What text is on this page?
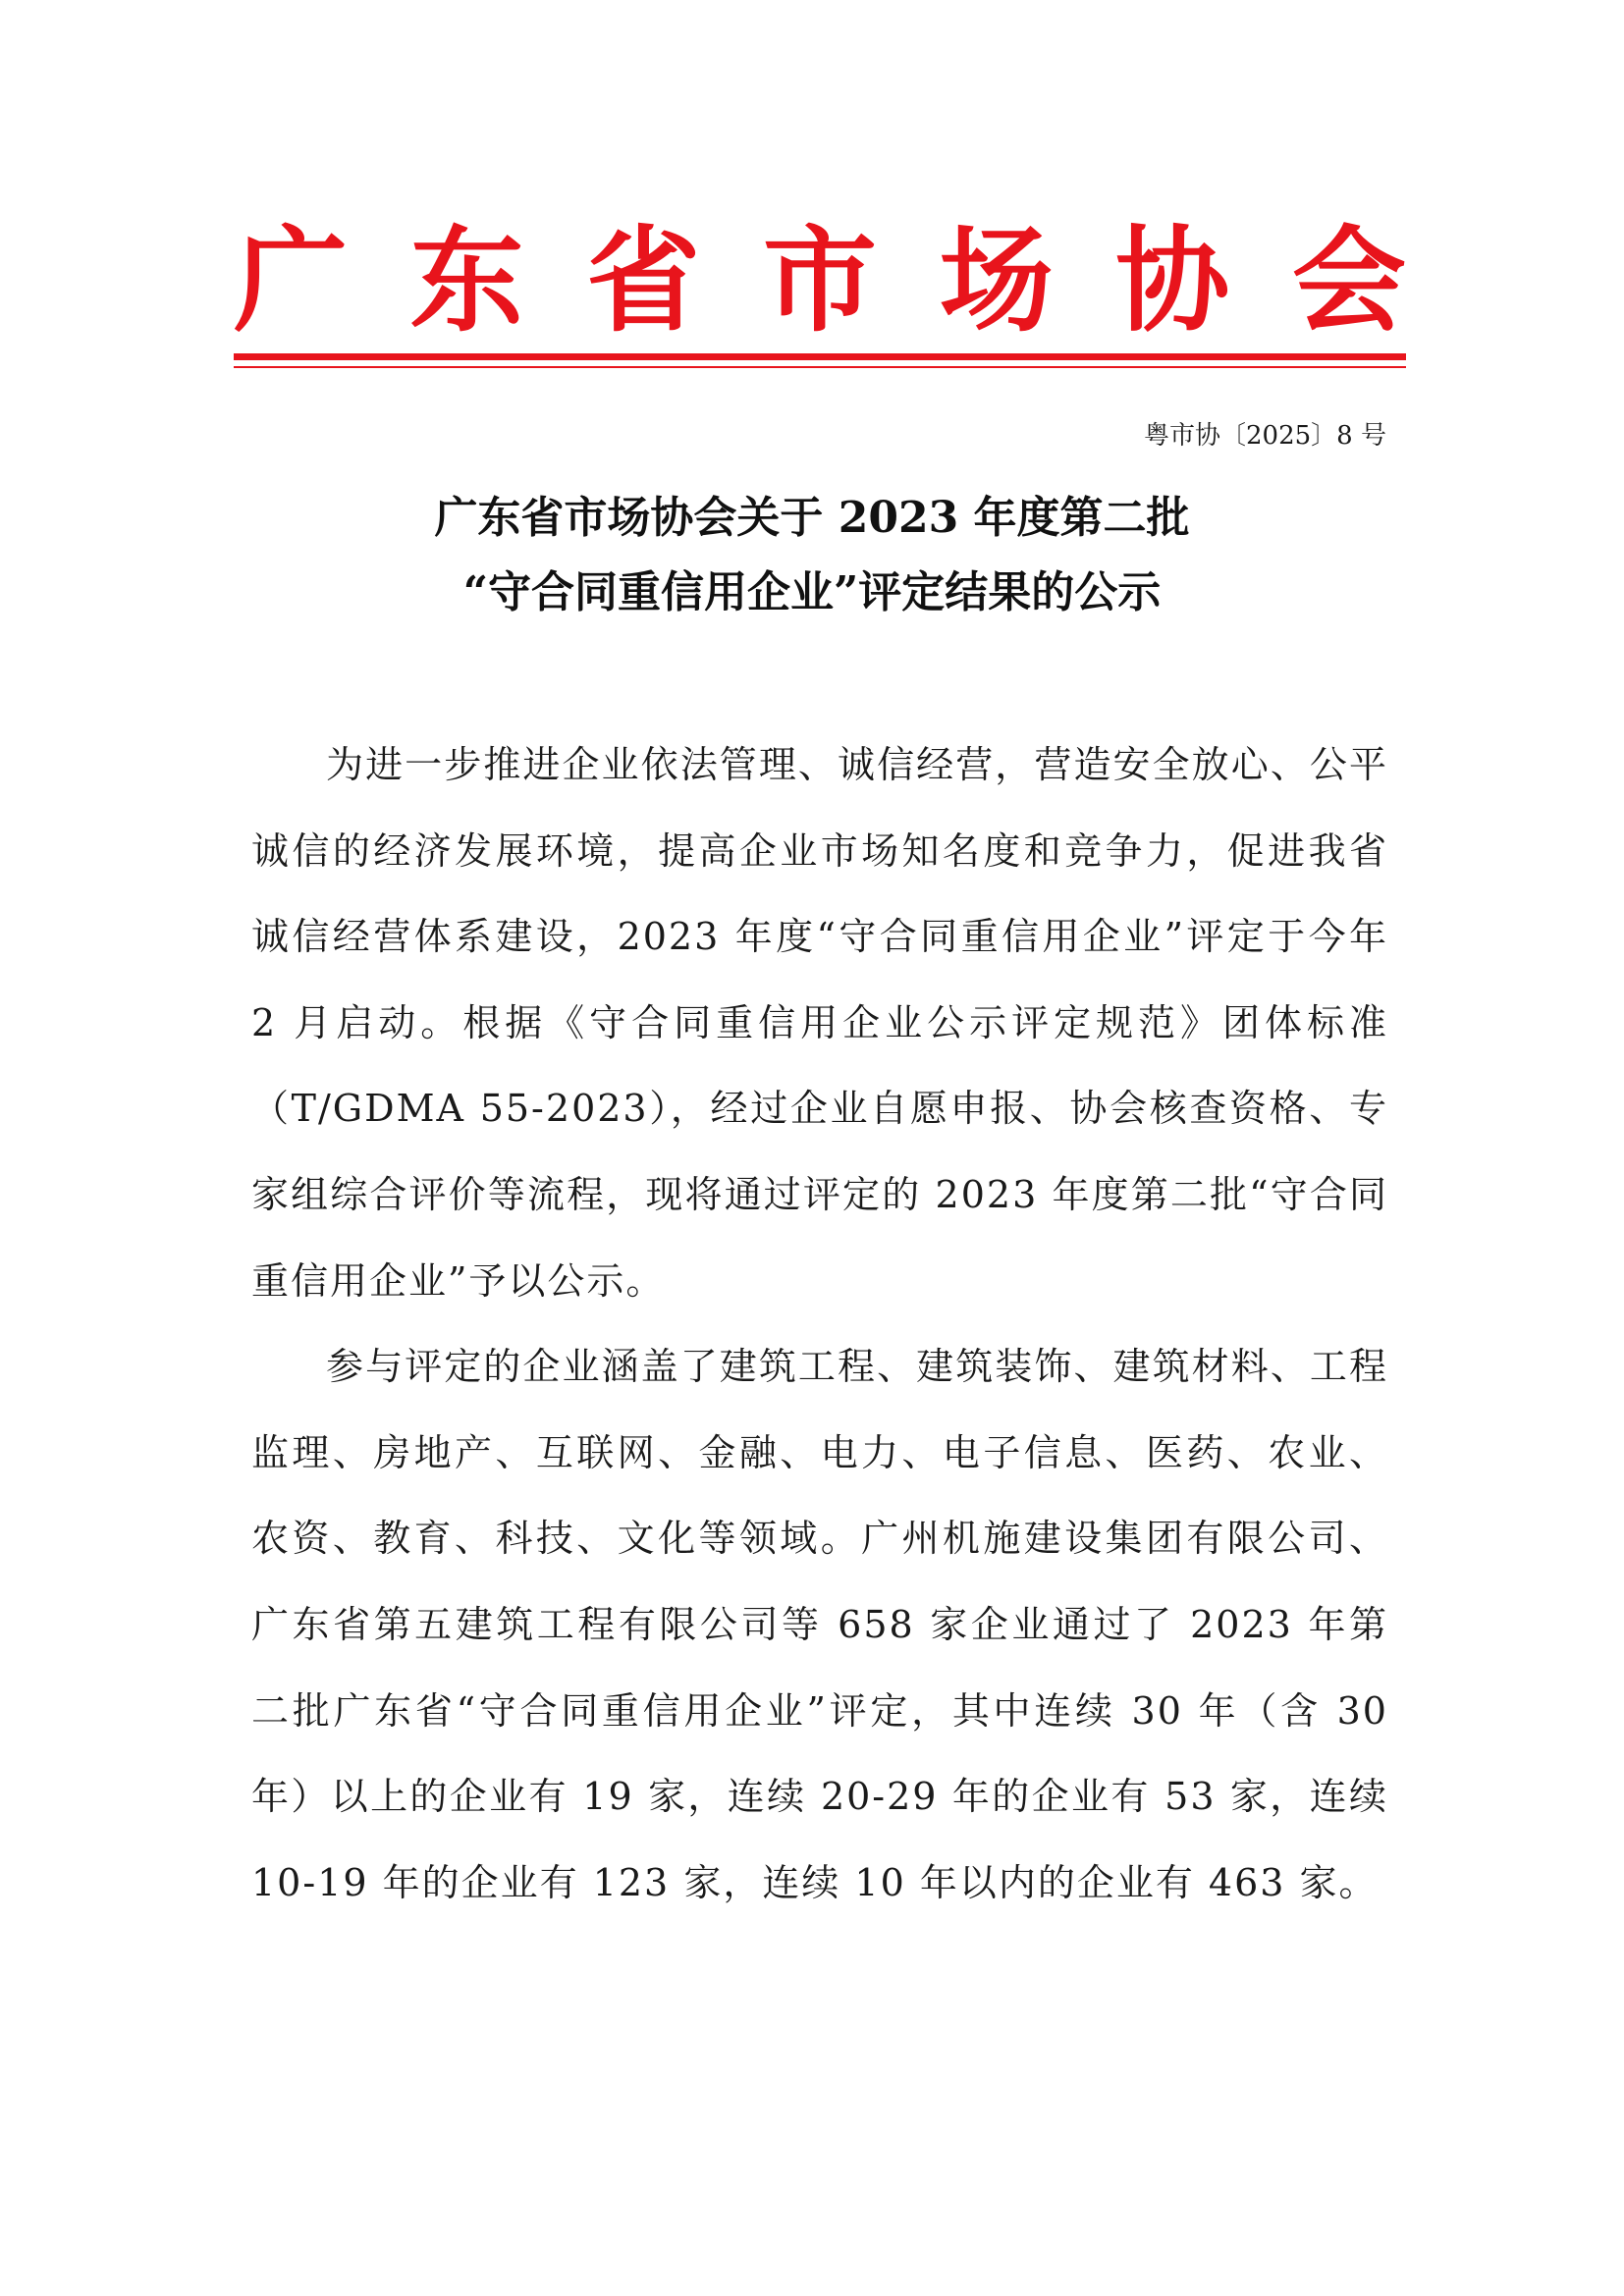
广 东 省 市 场 协 会
粤市协〔2025〕8 号
广东省市场协会关于 2023 年度第二批
“守合同重信用企业”评定结果的公示

为进一步推进企业依法管理、诚信经营，营造安全放心、公平诚信的经济发展环境，提高企业市场知名度和竞争力，促进我省诚信经营体系建设，2023 年度“守合同重信用企业”评定于今年 2 月启动。根据《守合同重信用企业公示评定规范》团体标准（T/GDMA 55-2023），经过企业自愿申报、协会核查资格、专家组综合评价等流程，现将通过评定的 2023 年度第二批“守合同重信用企业”予以公示。

参与评定的企业涵盖了建筑工程、建筑装饰、建筑材料、工程监理、房地产、互联网、金融、电力、电子信息、医药、农业、农资、教育、科技、文化等领域。广州机施建设集团有限公司、广东省第五建筑工程有限公司等 658 家企业通过了 2023 年第二批广东省“守合同重信用企业”评定，其中连续 30 年（含 30 年）以上的企业有 19 家，连续 20-29 年的企业有 53 家，连续 10-19 年的企业有 123 家，连续 10 年以内的企业有 463 家。
